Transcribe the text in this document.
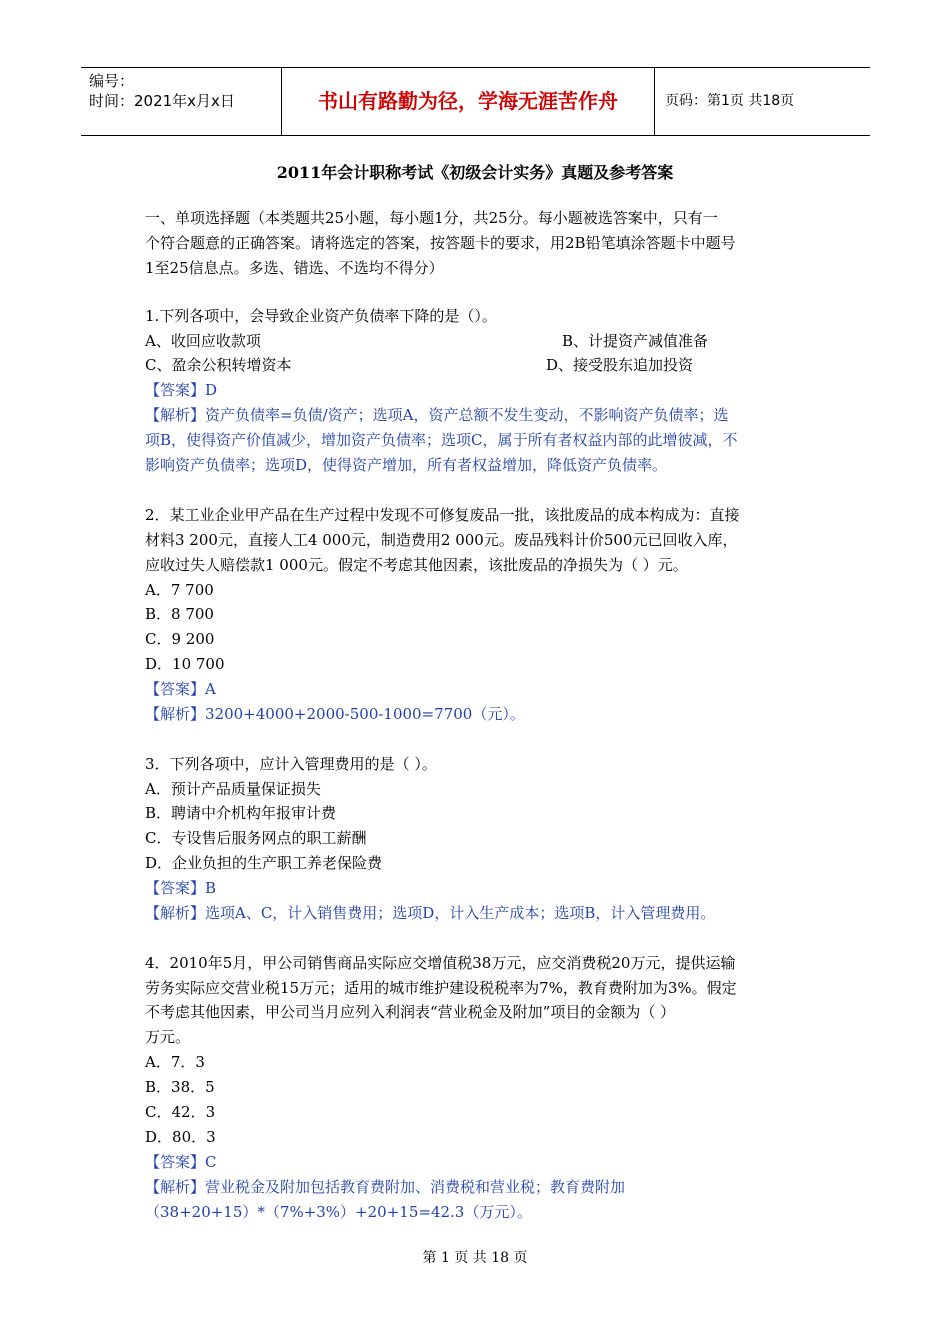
编号：
时间：2021年x月x日	书山有路勤为径，学海无涯苦作舟	页码：第1页 共18页
2011年会计职称考试《初级会计实务》真题及参考答案
一、单项选择题（本类题共25小题，每小题1分，共25分。每小题被选答案中，只有一
个符合题意的正确答案。请将选定的答案，按答题卡的要求，用2B铅笔填涂答题卡中题号
1至25信息点。多选、错选、不选均不得分）
1.下列各项中，会导致企业资产负债率下降的是（）。
A、收回应收款项	B、计提资产减值准备
C、盈余公积转增资本	D、接受股东追加投资
【答案】D
【解析】资产负债率=负债/资产；选项A，资产总额不发生变动，不影响资产负债率；选
项B，使得资产价值减少，增加资产负债率；选项C，属于所有者权益内部的此增彼减，不
影响资产负债率；选项D，使得资产增加，所有者权益增加，降低资产负债率。
2．某工业企业甲产品在生产过程中发现不可修复废品一批，该批废品的成本构成为：直接
材料3 200元，直接人工4 000元，制造费用2 000元。废品残料计价500元已回收入库，
应收过失人赔偿款1 000元。假定不考虑其他因素，该批废品的净损失为（ ）元。
A．7 700
B．8 700
C．9 200
D．10 700
【答案】A
【解析】3200+4000+2000-500-1000=7700（元）。
3．下列各项中，应计入管理费用的是（ ）。
A．预计产品质量保证损失
B．聘请中介机构年报审计费
C．专设售后服务网点的职工薪酬
D．企业负担的生产职工养老保险费
【答案】B
【解析】选项A、C，计入销售费用；选项D，计入生产成本；选项B，计入管理费用。
4．2010年5月，甲公司销售商品实际应交增值税38万元，应交消费税20万元，提供运输
劳务实际应交营业税15万元；适用的城市维护建设税税率为7%，教育费附加为3%。假定
不考虑其他因素，甲公司当月应列入利润表“营业税金及附加”项目的金额为（ ）
万元。
A．7．3
B．38．5
C．42．3
D．80．3
【答案】C
【解析】营业税金及附加包括教育费附加、消费税和营业税；教育费附加
（38+20+15）*（7%+3%）+20+15=42.3（万元）。
第 1 页 共 18 页
